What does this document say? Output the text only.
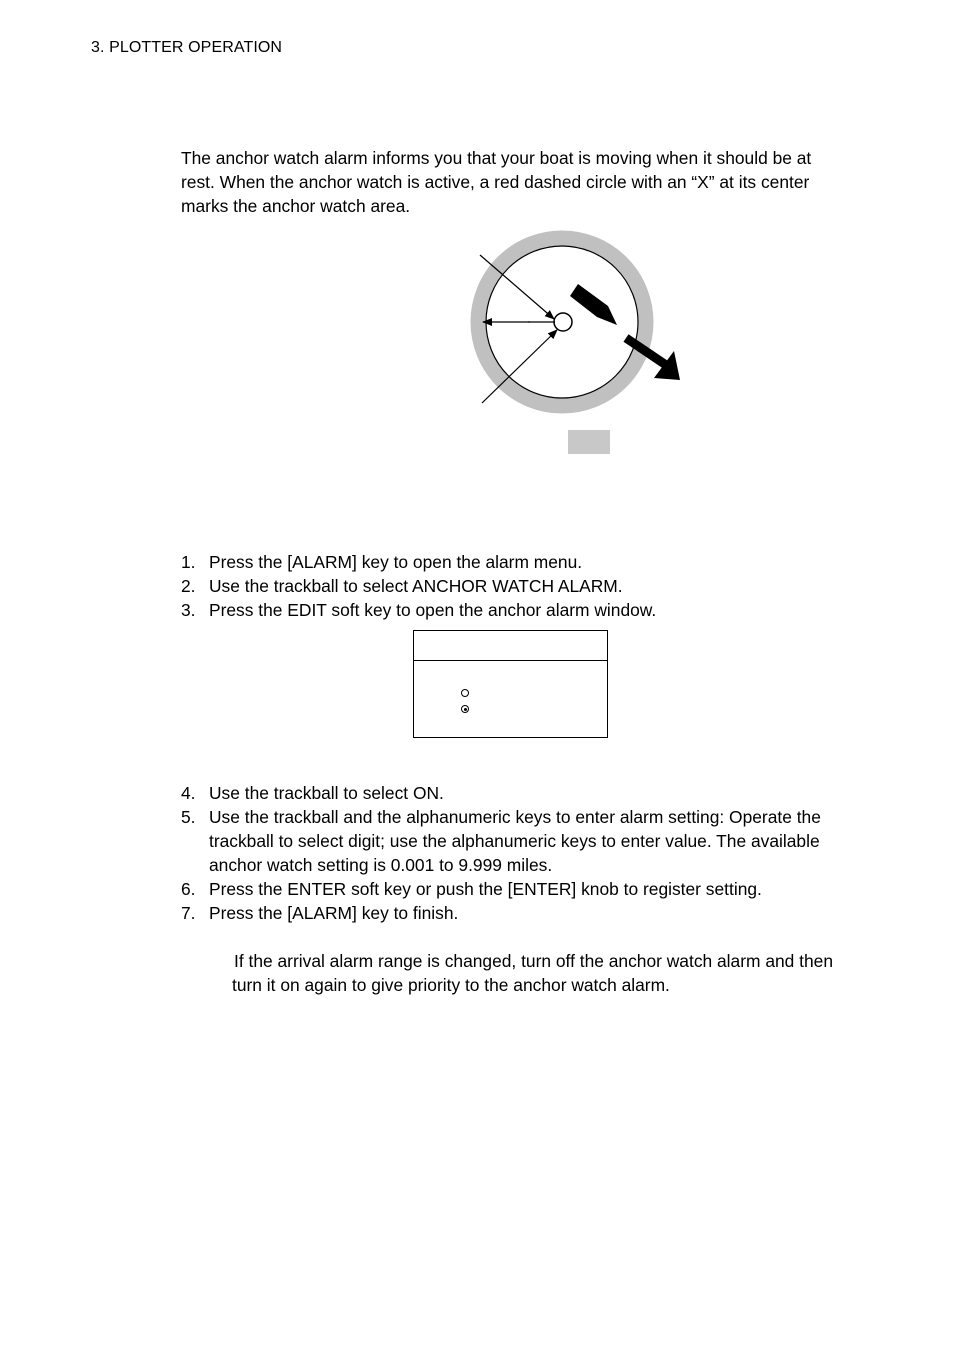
3. PLOTTER OPERATION

The anchor watch alarm informs you that your boat is moving when it should be at rest. When the anchor watch is active, a red dashed circle with an “X” at its center marks the anchor watch area.

1. Press the [ALARM] key to open the alarm menu.
2. Use the trackball to select ANCHOR WATCH ALARM.
3. Press the EDIT soft key to open the anchor alarm window.
4. Use the trackball to select ON.
5. Use the trackball and the alphanumeric keys to enter alarm setting: Operate the trackball to select digit; use the alphanumeric keys to enter value. The available anchor watch setting is 0.001 to 9.999 miles.
6. Press the ENTER soft key or push the [ENTER] knob to register setting.
7. Press the [ALARM] key to finish.

If the arrival alarm range is changed, turn off the anchor watch alarm and then turn it on again to give priority to the anchor watch alarm.
